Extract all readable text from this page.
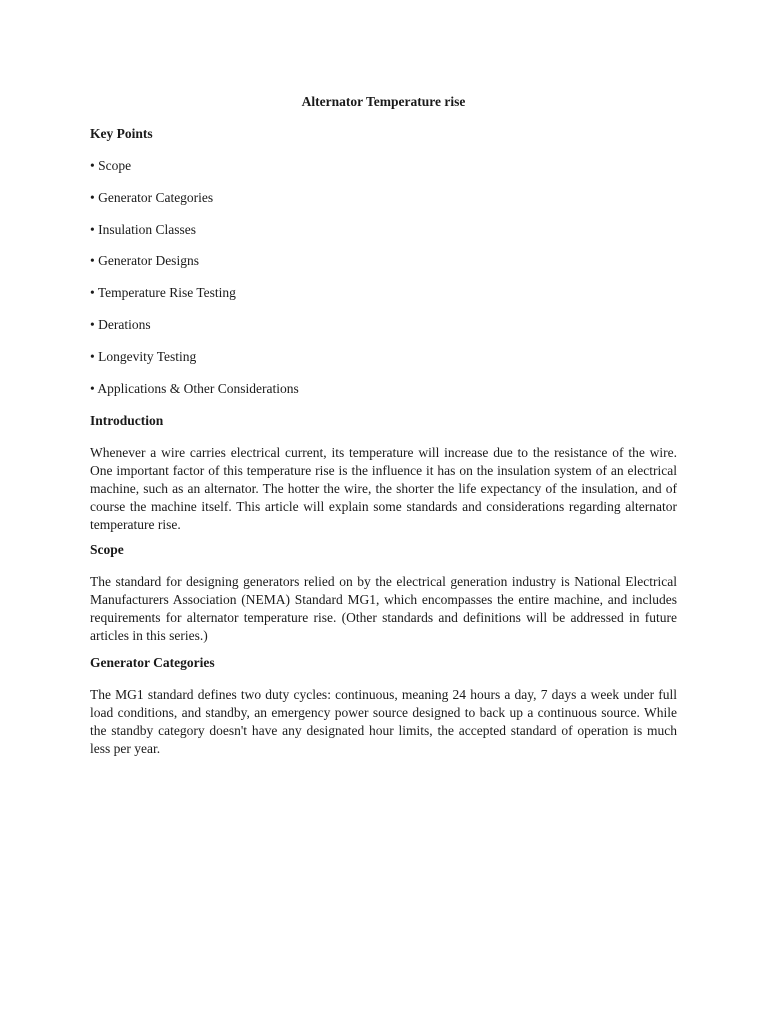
Alternator Temperature rise
Key Points
• Scope
• Generator Categories
• Insulation Classes
• Generator Designs
• Temperature Rise Testing
• Derations
• Longevity Testing
• Applications & Other Considerations
Introduction
Whenever a wire carries electrical current, its temperature will increase due to the resistance of the wire. One important factor of this temperature rise is the influence it has on the insulation system of an electrical machine, such as an alternator. The hotter the wire, the shorter the life expectancy of the insulation, and of course the machine itself. This article will explain some standards and considerations regarding alternator temperature rise.
Scope
The standard for designing generators relied on by the electrical generation industry is National Electrical Manufacturers Association (NEMA) Standard MG1, which encompasses the entire machine, and includes requirements for alternator temperature rise. (Other standards and definitions will be addressed in future articles in this series.)
Generator Categories
The MG1 standard defines two duty cycles: continuous, meaning 24 hours a day, 7 days a week under full load conditions, and standby, an emergency power source designed to back up a continuous source. While the standby category doesn't have any designated hour limits, the accepted standard of operation is much less per year.
